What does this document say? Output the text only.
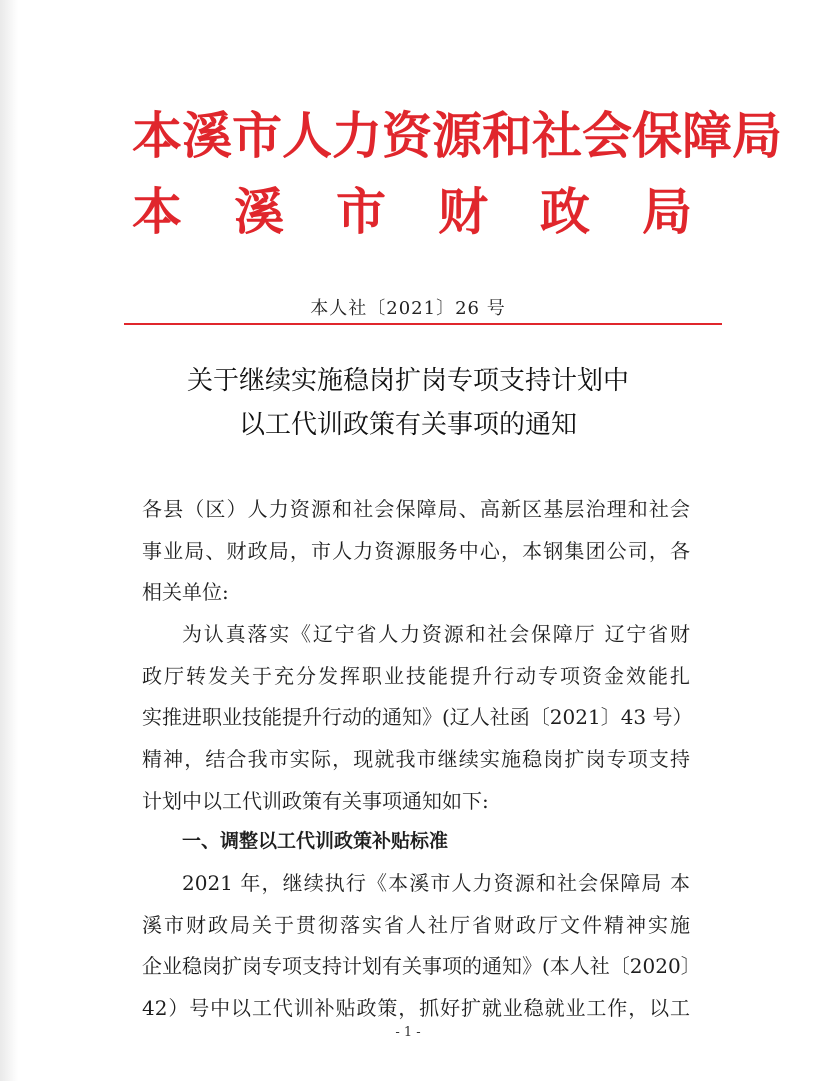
本溪市人力资源和社会保障局
本 溪 市 财 政 局
本人社〔2021〕26 号
关于继续实施稳岗扩岗专项支持计划中
以工代训政策有关事项的通知
各县（区）人力资源和社会保障局、高新区基层治理和社会
事业局、财政局，市人力资源服务中心，本钢集团公司，各
相关单位:
为认真落实《辽宁省人力资源和社会保障厅 辽宁省财
政厅转发关于充分发挥职业技能提升行动专项资金效能扎
实推进职业技能提升行动的通知》(辽人社函〔2021〕43 号）
精神，结合我市实际，现就我市继续实施稳岗扩岗专项支持
计划中以工代训政策有关事项通知如下:
一、调整以工代训政策补贴标准
2021 年，继续执行《本溪市人力资源和社会保障局 本
溪市财政局关于贯彻落实省人社厅省财政厅文件精神实施
企业稳岗扩岗专项支持计划有关事项的通知》(本人社〔2020〕
42）号中以工代训补贴政策，抓好扩就业稳就业工作，以工
- 1 -
